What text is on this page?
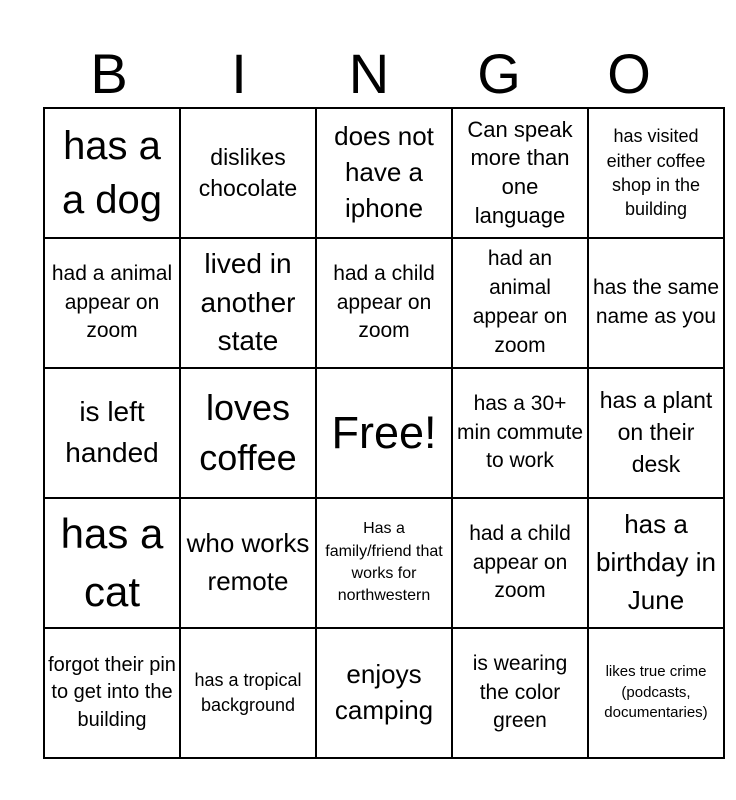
B	I	N	G	O
has a a dog	dislikes chocolate	does not have a iphone	Can speak more than one language	has visited either coffee shop in the building
had a animal appear on zoom	lived in another state	had a child appear on zoom	had an animal appear on zoom	has the same name as you
is left handed	loves coffee	Free!	has a 30+ min commute to work	has a plant on their desk
has a cat	who works remote	Has a family/friend that works for northwestern	had a child appear on zoom	has a birthday in June
forgot their pin to get into the building	has a tropical background	enjoys camping	is wearing the color green	likes true crime (podcasts, documentaries)
